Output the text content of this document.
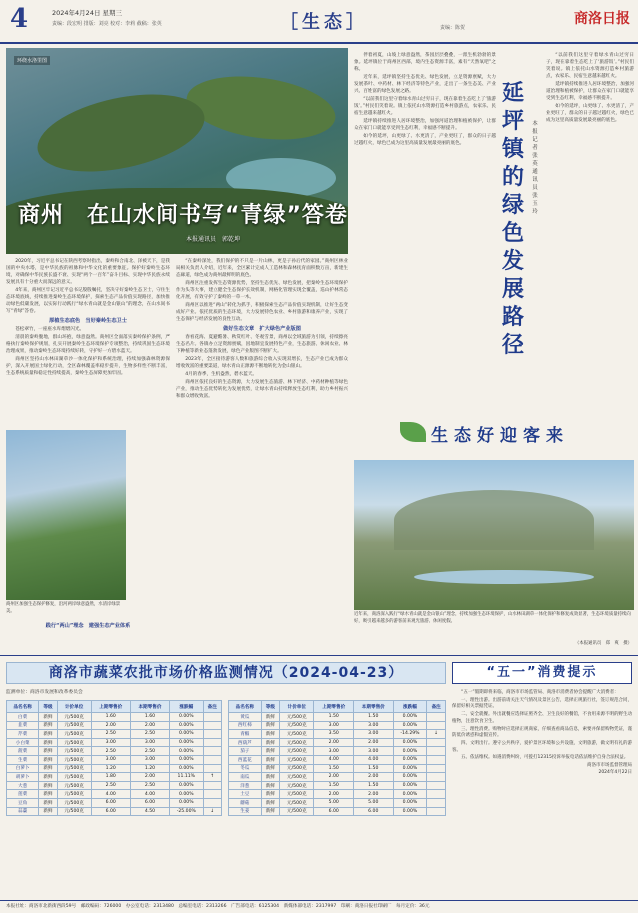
4	2024年4月24日 星期三
责编：段宏明 排版：刘亮 校对：李莉 截稿：张英	［生态］	责编：陈贺
商洛日报
环绕水洛里图
商州　在山水间书写“青绿”答卷
本报通讯员　郭乾坤

2020年，习近平总书记在陕西考察时指出，秦岭和合南北、泽被天下，是我国的中央水塔，是中华民族的祖脉和中华文化的重要象征。保护好秦岭生态环境，对确保中华民族长盛不衰、实现“两个一百年”奋斗目标、实现中华民族永续发展具有十分重大而深远的意义。

4年来，商州区牢记习近平总书记殷殷嘱托，坚决守好秦岭生态卫士，守住生态环境底线，持续推进秦岭生态环境保护，探索生态产品价值实现路径，加快推动绿色低碳发展，以实际行动践行“绿水青山就是金山银山”的理念，在山水间书写“青绿”答卷。

厚植生态底色　当好秦岭生态卫士

苍松翠竹，一座座水库熠熠闪光。

清晨的秦岭腹地，群山环抱，绿意盎然。商州区全面落实秦岭保护条例，严格执行秦岭保护规划，扎实开展秦岭生态环境保护专项整治，持续巩固生态环境治理成果，推动秦岭生态环境持续好转，守护好一方碧水蓝天。

商州区坚持山水林田湖草沙一体化保护和系统治理，持续加强森林资源保护，深入开展国土绿化行动，全区森林覆盖率稳步提升，生物多样性不断丰富，生态系统质量和稳定性持续提高，秦岭生态屏障更加牢固。

“在秦岭深处，我们保护的不只是一片山林，更是子孙后代的家园。”商州区林业局相关负责人介绍，近年来，全区累计完成人工造林和森林抚育面积数万亩，新建生态廊道，绿色成为商州最鲜明的底色。

商州区注重发挥生态资源优势，坚持生态优先、绿色发展，把秦岭生态环境保护作为头等大事，建立健全生态保护长效机制，网格化管理实现全覆盖，巡山护林常态化开展，有效守护了秦岭的一草一木。

商州区以推进“两山”转化为抓手，积极探索生态产品价值实现机制，让好生态变成好产业。依托优质的生态环境，大力发展特色农业、乡村旅游和康养产业，实现了生态保护与经济发展的良性互动。

做好生态文章　扩大绿色产业版图

春看花海、夏避酷暑、秋赏红叶、冬观雪景，商州以全域旅游为引领，持续擦亮生态名片。各镇办立足资源禀赋，因地制宜发展特色产业，生态旅游、休闲农业、林下种植等新业态蓬勃发展，绿色产业版图不断扩大。

2023年，全区接待游客人数和旅游综合收入实现双增长，生态产业已成为群众增收致富的重要渠道，绿水青山正源源不断地转化为金山银山。

4月的春季，生机盎然，碧水蓝天。

商州区依托良好的生态资源，大力发展生态旅游、林下经济、中药材种植等绿色产业，推动生态优势转化为发展优势，让绿水青山持续释放生态红利，助力乡村振兴和群众增收致富。

商州区加强生态保护修复，沿河两岸绿意盎然，水清岸绿景美。

践行“两山”理念　建强生态产业体系

伴着初夏，山坡上绿意盎然，茶园层层叠叠，一派生机勃勃的景象。延坪镇位于商州区西部，境内生态资源丰富，素有“天然氧吧”之称。

近年来，延坪镇坚持生态优先、绿色发展，立足资源禀赋，大力发展茶叶、中药材、林下经济等特色产业，走出了一条生态美、产业兴、百姓富的绿色发展之路。

“以前我们这里守着绿水青山过穷日子，现在靠着生态吃上了‘旅游饭’。”村民们笑着说。镇上依托山水资源打造乡村旅游点，农家乐、民宿生意越来越红火。

延坪镇持续推进人居环境整治，加强河道治理和植被保护，让群众在家门口就能享受到生态红利，幸福感不断提升。

如今的延坪，山更绿了、水更清了，产业更旺了，群众的日子越过越红火，绿色已成为这里高质量发展最亮丽的底色。

延坪镇的绿色发展路径
本报记者　张英　通讯员　张玉玲

“以前我们这里守着绿水青山过穷日子，现在靠着生态吃上了‘旅游饭’。”村民们笑着说。镇上依托山水资源打造乡村旅游点，农家乐、民宿生意越来越红火。

延坪镇持续推进人居环境整治，加强河道治理和植被保护，让群众在家门口就能享受到生态红利，幸福感不断提升。

如今的延坪，山更绿了、水更清了，产业更旺了，群众的日子越过越红火，绿色已成为这里高质量发展最亮丽的底色。

生态好迎客来
近年来，商洛深入践行“绿水青山就是金山银山”理念，持续加强生态环境保护，山水林田湖草一体化保护和修复成效显著，生态环境质量持续向好，吸引越来越多的游客前来观光旅游、休闲度假。
（本报通讯员　郑　爽　摄）
商洛市蔬菜农批市场价格监测情况（2024-04-23）
监测单位：商洛市发展和改革委员会
品名名称	等级	计价单位	上期零售价	本期零售价	涨跌幅	备注
白菜	新鲜	元/500克	1.60	1.60	0.00%	
韭菜	新鲜	元/500克	2.00	2.00	0.00%	
芹菜	新鲜	元/500克	2.50	2.50	0.00%	
小白菜	新鲜	元/500克	3.00	3.00	0.00%	
菠菜	新鲜	元/500克	2.50	2.50	0.00%	
生菜	新鲜	元/500克	3.00	3.00	0.00%	
白萝卜	新鲜	元/500克	1.20	1.20	0.00%	
胡萝卜	新鲜	元/500克	1.80	2.00	11.11%	↑
大葱	新鲜	元/500克	2.50	2.50	0.00%	
莲菜	新鲜	元/500克	4.00	4.00	0.00%	
豆角	新鲜	元/500克	6.00	6.00	0.00%	
蒜薹	新鲜	元/500克	6.00	4.50	-25.00%	↓
品名名称	等级	计价单位	上期零售价	本期零售价	涨跌幅	备注
黄瓜	新鲜	元/500克	1.50	1.50	0.00%	
西红柿	新鲜	元/500克	3.00	3.00	0.00%	
青椒	新鲜	元/500克	3.50	3.00	-14.29%	↓
西葫芦	新鲜	元/500克	2.00	2.00	0.00%	
茄子	新鲜	元/500克	3.00	3.00	0.00%	
西蓝花	新鲜	元/500克	4.00	4.00	0.00%	
冬瓜	新鲜	元/500克	1.50	1.50	0.00%	
南瓜	新鲜	元/500克	2.00	2.00	0.00%	
洋葱	新鲜	元/500克	1.50	1.50	0.00%	
土豆	新鲜	元/500克	2.00	2.00	0.00%	
蘑菇	新鲜	元/500克	5.00	5.00	0.00%	
生姜	新鲜	元/500克	6.00	6.00	0.00%	
“五一”消费提示

“五一”假期即将来临，商洛市市场监管局、商洛市消费者协会提醒广大消费者：

一、理性出游。出游前请关注天气情况及景区公告，选择正规旅行社，签订规范合同，保留好相关票据凭证。

二、安全就餐。外出就餐应选择证照齐全、卫生良好的餐馆，不食用来源不明的野生动植物，注意饮食卫生。

三、理性消费。购物时应选择正规商家，仔细查看商品信息，索要并保留购物凭证，谨防低价诱惑和虚假宣传。

四、文明出行。遵守公共秩序，爱护景区环境和公共设施，文明旅游，做文明有礼的游客。

五、依法维权。如遇消费纠纷，可拨打12315投诉举报电话依法维护自身合法权益。

商洛市市场监督管理局
2024年4月22日

本报社址：商洛市北新街西段59号　邮政编码：726000　办公室电话：2313480　总编室电话：2313266　广告部电话：6125304　新媒体部电话：2317997　印刷：商洛日报社印刷厂　每月定价：36元
